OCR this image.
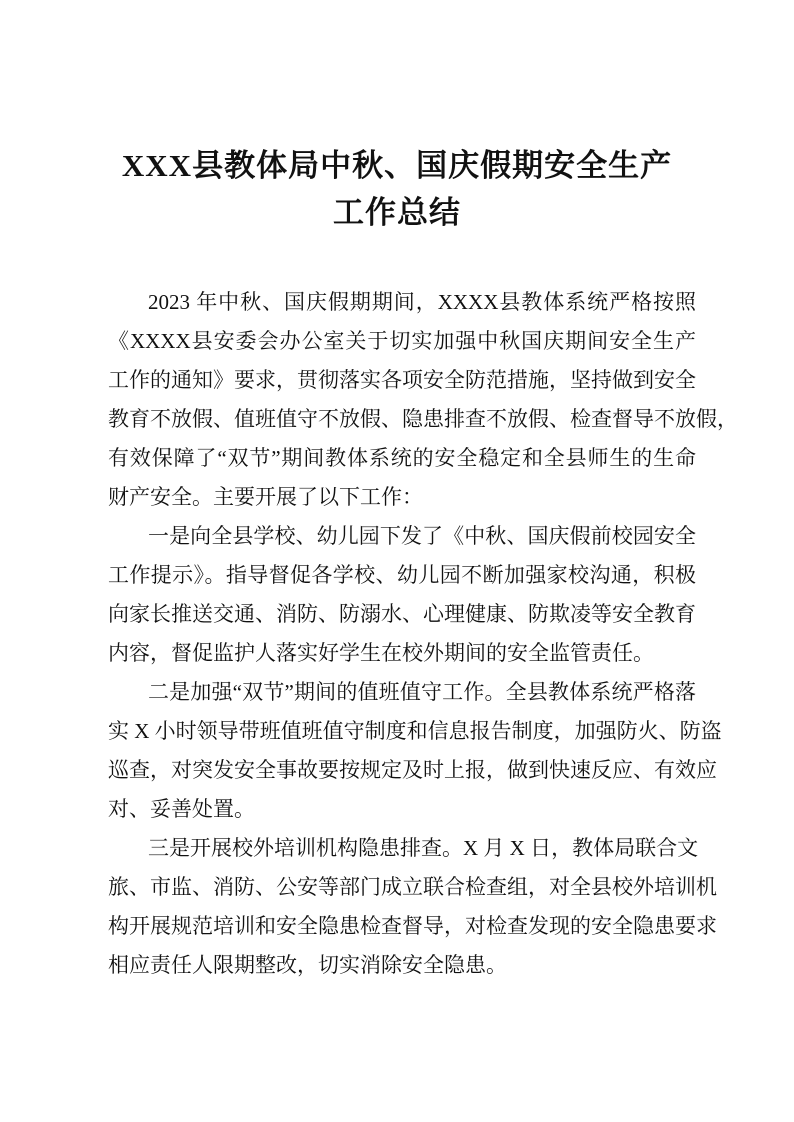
XXX县教体局中秋、国庆假期安全生产
工作总结
2023 年中秋、国庆假期期间，XXXX县教体系统严格按照
《XXXX县安委会办公室关于切实加强中秋国庆期间安全生产
工作的通知》要求，贯彻落实各项安全防范措施，坚持做到安全
教育不放假、值班值守不放假、隐患排查不放假、检查督导不放假，
有效保障了“双节”期间教体系统的安全稳定和全县师生的生命
财产安全。主要开展了以下工作：
一是向全县学校、幼儿园下发了《中秋、国庆假前校园安全
工作提示》。指导督促各学校、幼儿园不断加强家校沟通，积极
向家长推送交通、消防、防溺水、心理健康、防欺凌等安全教育
内容，督促监护人落实好学生在校外期间的安全监管责任。
二是加强“双节”期间的值班值守工作。全县教体系统严格落
实 X 小时领导带班值班值守制度和信息报告制度，加强防火、防盗
巡查，对突发安全事故要按规定及时上报，做到快速反应、有效应
对、妥善处置。
三是开展校外培训机构隐患排查。X 月 X 日，教体局联合文
旅、市监、消防、公安等部门成立联合检查组，对全县校外培训机
构开展规范培训和安全隐患检查督导，对检查发现的安全隐患要求
相应责任人限期整改，切实消除安全隐患。
